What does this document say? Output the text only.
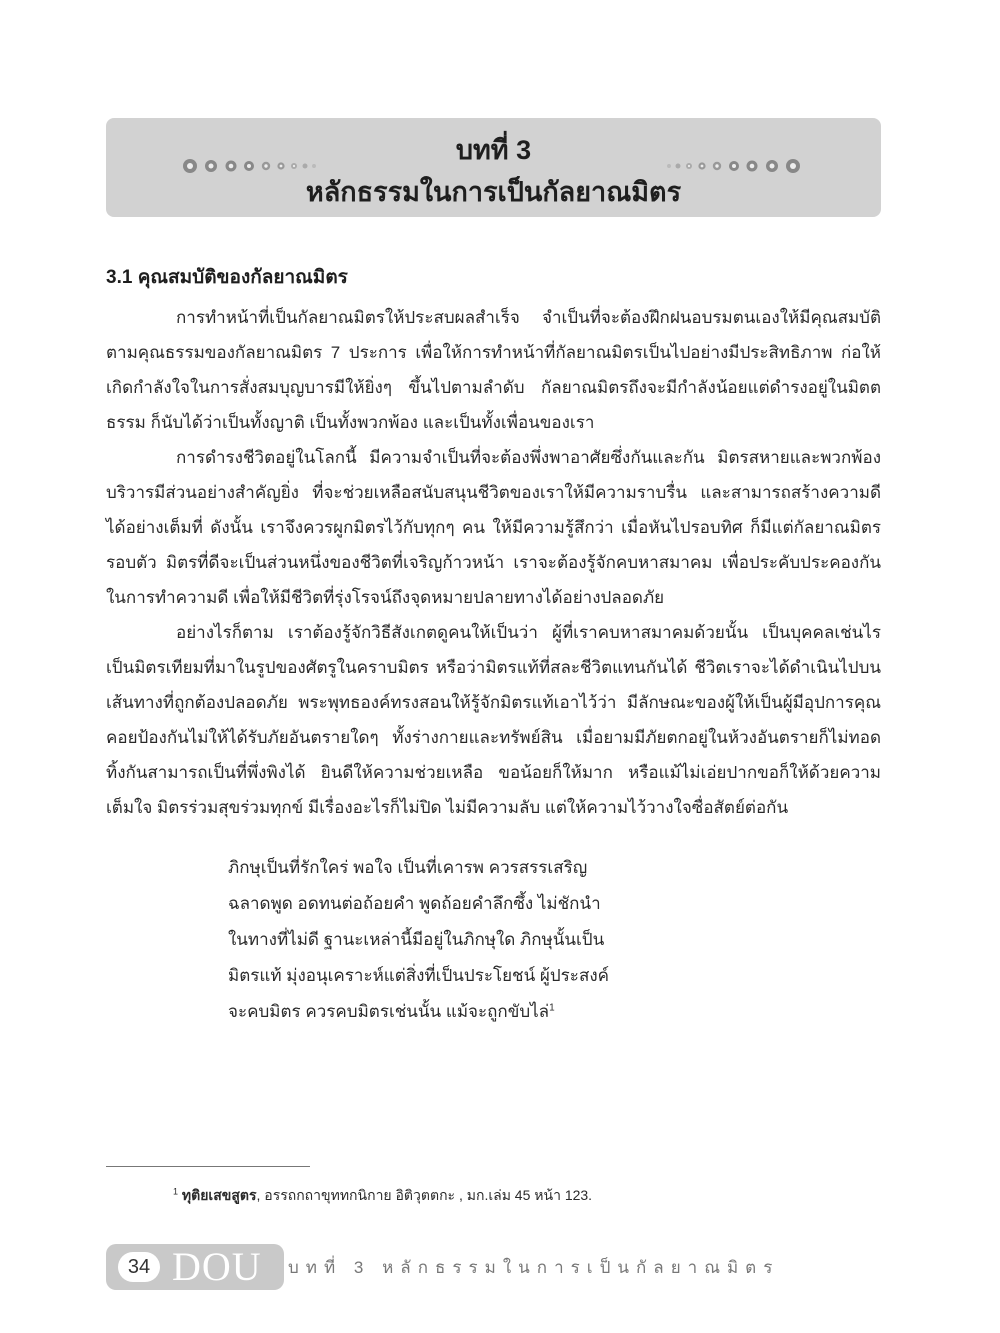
บทที่ 3
หลักธรรมในการเป็นกัลยาณมิตร
3.1 คุณสมบัติของกัลยาณมิตร

การทำหน้าที่เป็นกัลยาณมิตรให้ประสบผลสำเร็จ จำเป็นที่จะต้องฝึกฝนอบรมตนเองให้มีคุณสมบัติตามคุณธรรมของกัลยาณมิตร 7 ประการ เพื่อให้การทำหน้าที่กัลยาณมิตรเป็นไปอย่างมีประสิทธิภาพ ก่อให้เกิดกำลังใจในการสั่งสมบุญบารมีให้ยิ่งๆ ขึ้นไปตามลำดับ กัลยาณมิตรถึงจะมีกำลังน้อยแต่ดำรงอยู่ในมิตตธรรม ก็นับได้ว่าเป็นทั้งญาติ เป็นทั้งพวกพ้อง และเป็นทั้งเพื่อนของเรา

การดำรงชีวิตอยู่ในโลกนี้ มีความจำเป็นที่จะต้องพึ่งพาอาศัยซึ่งกันและกัน มิตรสหายและพวกพ้องบริวารมีส่วนอย่างสำคัญยิ่ง ที่จะช่วยเหลือสนับสนุนชีวิตของเราให้มีความราบรื่น และสามารถสร้างความดีได้อย่างเต็มที่ ดังนั้น เราจึงควรผูกมิตรไว้กับทุกๆ คน ให้มีความรู้สึกว่า เมื่อหันไปรอบทิศ ก็มีแต่กัลยาณมิตรรอบตัว มิตรที่ดีจะเป็นส่วนหนึ่งของชีวิตที่เจริญก้าวหน้า เราจะต้องรู้จักคบหาสมาคม เพื่อประคับประคองกันในการทำความดี เพื่อให้มีชีวิตที่รุ่งโรจน์ถึงจุดหมายปลายทางได้อย่างปลอดภัย

อย่างไรก็ตาม เราต้องรู้จักวิธีสังเกตดูคนให้เป็นว่า ผู้ที่เราคบหาสมาคมด้วยนั้น เป็นบุคคลเช่นไร เป็นมิตรเทียมที่มาในรูปของศัตรูในคราบมิตร หรือว่ามิตรแท้ที่สละชีวิตแทนกันได้ ชีวิตเราจะได้ดำเนินไปบนเส้นทางที่ถูกต้องปลอดภัย พระพุทธองค์ทรงสอนให้รู้จักมิตรแท้เอาไว้ว่า มีลักษณะของผู้ให้เป็นผู้มีอุปการคุณ คอยป้องกันไม่ให้ได้รับภัยอันตรายใดๆ ทั้งร่างกายและทรัพย์สิน เมื่อยามมีภัยตกอยู่ในห้วงอันตรายก็ไม่ทอดทิ้งกันสามารถเป็นที่พึ่งพิงได้ ยินดีให้ความช่วยเหลือ ขอน้อยก็ให้มาก หรือแม้ไม่เอ่ยปากขอก็ให้ด้วยความเต็มใจ มิตรร่วมสุขร่วมทุกข์ มีเรื่องอะไรก็ไม่ปิด ไม่มีความลับ แต่ให้ความไว้วางใจซื่อสัตย์ต่อกัน

ภิกษุเป็นที่รักใคร่ พอใจ เป็นที่เคารพ ควรสรรเสริญ
ฉลาดพูด อดทนต่อถ้อยคำ พูดถ้อยคำลึกซึ้ง ไม่ชักนำ
ในทางที่ไม่ดี ฐานะเหล่านี้มีอยู่ในภิกษุใด ภิกษุนั้นเป็น
มิตรแท้ มุ่งอนุเคราะห์แต่สิ่งที่เป็นประโยชน์ ผู้ประสงค์
จะคบมิตร ควรคบมิตรเช่นนั้น แม้จะถูกขับไล่$^1$
$^1$ ทุติยเสขสูตร, อรรถกถาขุททกนิกาย อิติวุตตกะ , มก.เล่ม 45 หน้า 123.
34 DOU บทที่ 3 หลักธรรมในการเป็นกัลยาณมิตร
